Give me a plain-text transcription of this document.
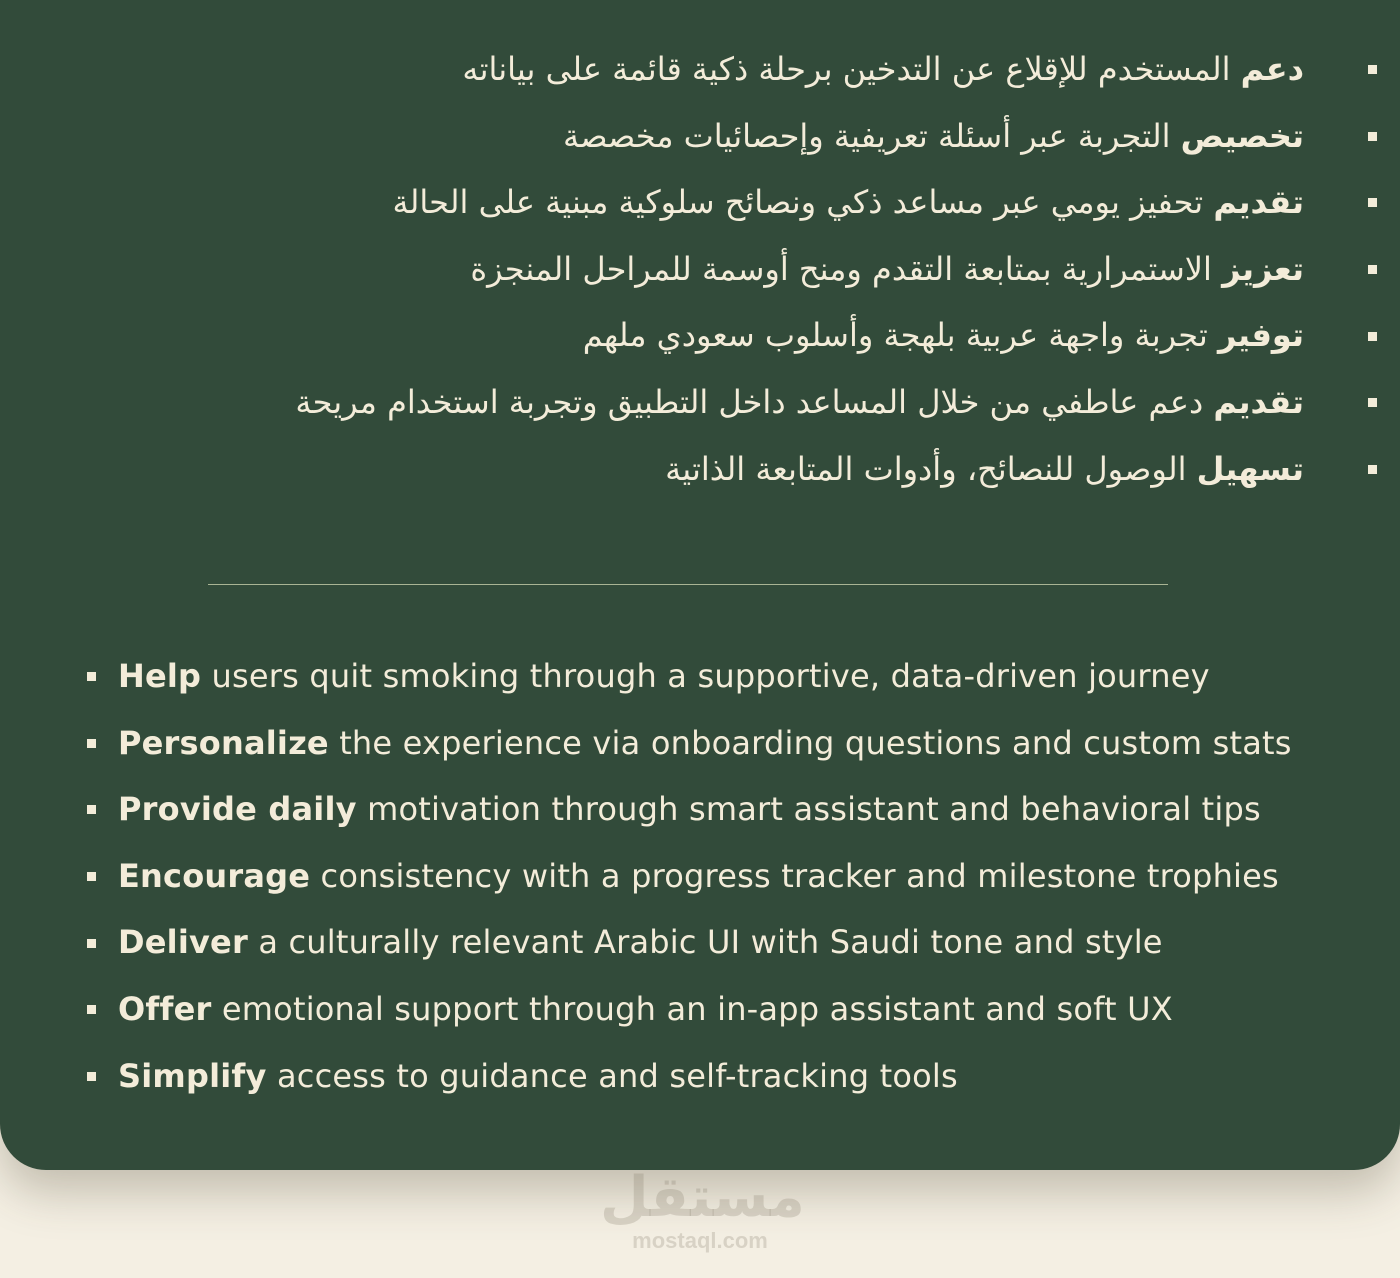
دعم المستخدم للإقلاع عن التدخين برحلة ذكية قائمة على بياناته
تخصيص التجربة عبر أسئلة تعريفية وإحصائيات مخصصة
تقديم تحفيز يومي عبر مساعد ذكي ونصائح سلوكية مبنية على الحالة
تعزيز الاستمرارية بمتابعة التقدم ومنح أوسمة للمراحل المنجزة
توفير تجربة واجهة عربية بلهجة وأسلوب سعودي ملهم
تقديم دعم عاطفي من خلال المساعد داخل التطبيق وتجربة استخدام مريحة
تسهيل الوصول للنصائح، وأدوات المتابعة الذاتية
Help users quit smoking through a supportive, data-driven journey
Personalize the experience via onboarding questions and custom stats
Provide daily motivation through smart assistant and behavioral tips
Encourage consistency with a progress tracker and milestone trophies
Deliver a culturally relevant Arabic UI with Saudi tone and style
Offer emotional support through an in-app assistant and soft UX
Simplify access to guidance and self-tracking tools
مستقل
mostaql.com
